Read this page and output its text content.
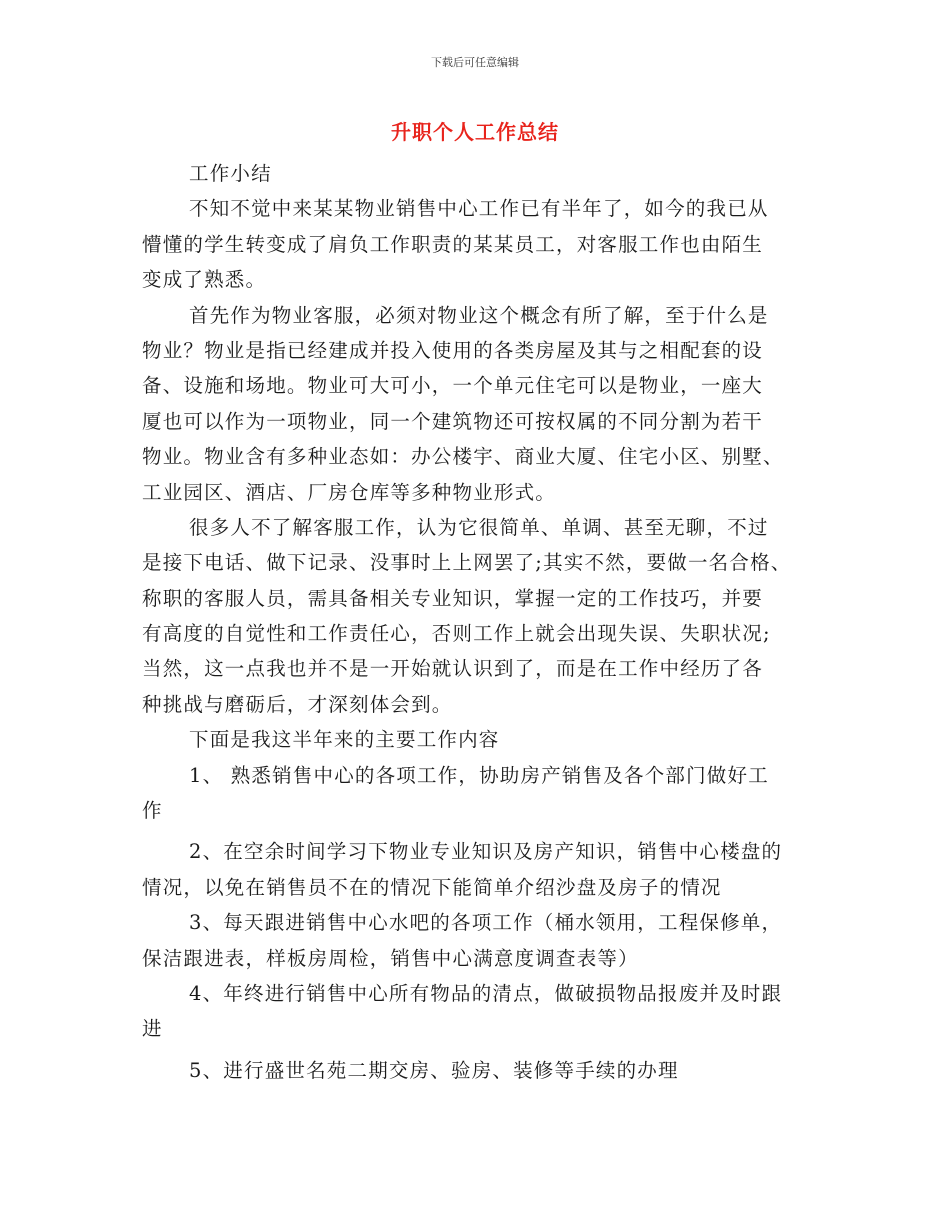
下载后可任意编辑
升职个人工作总结
工作小结
不知不觉中来某某物业销售中心工作已有半年了，如今的我已从
懵懂的学生转变成了肩负工作职责的某某员工，对客服工作也由陌生
变成了熟悉。
首先作为物业客服，必须对物业这个概念有所了解，至于什么是
物业？物业是指已经建成并投入使用的各类房屋及其与之相配套的设
备、设施和场地。物业可大可小，一个单元住宅可以是物业，一座大
厦也可以作为一项物业，同一个建筑物还可按权属的不同分割为若干
物业。物业含有多种业态如：办公楼宇、商业大厦、住宅小区、别墅、
工业园区、酒店、厂房仓库等多种物业形式。
很多人不了解客服工作，认为它很简单、单调、甚至无聊，不过
是接下电话、做下记录、没事时上上网罢了;其实不然，要做一名合格、
称职的客服人员，需具备相关专业知识，掌握一定的工作技巧，并要
有高度的自觉性和工作责任心，否则工作上就会出现失误、失职状况;
当然，这一点我也并不是一开始就认识到了，而是在工作中经历了各
种挑战与磨砺后，才深刻体会到。
下面是我这半年来的主要工作内容
1、 熟悉销售中心的各项工作，协助房产销售及各个部门做好工
作
2、在空余时间学习下物业专业知识及房产知识，销售中心楼盘的
情况，以免在销售员不在的情况下能简单介绍沙盘及房子的情况
3、每天跟进销售中心水吧的各项工作（桶水领用，工程保修单，
保洁跟进表，样板房周检，销售中心满意度调查表等）
4、年终进行销售中心所有物品的清点，做破损物品报废并及时跟
进
5、进行盛世名苑二期交房、验房、装修等手续的办理
